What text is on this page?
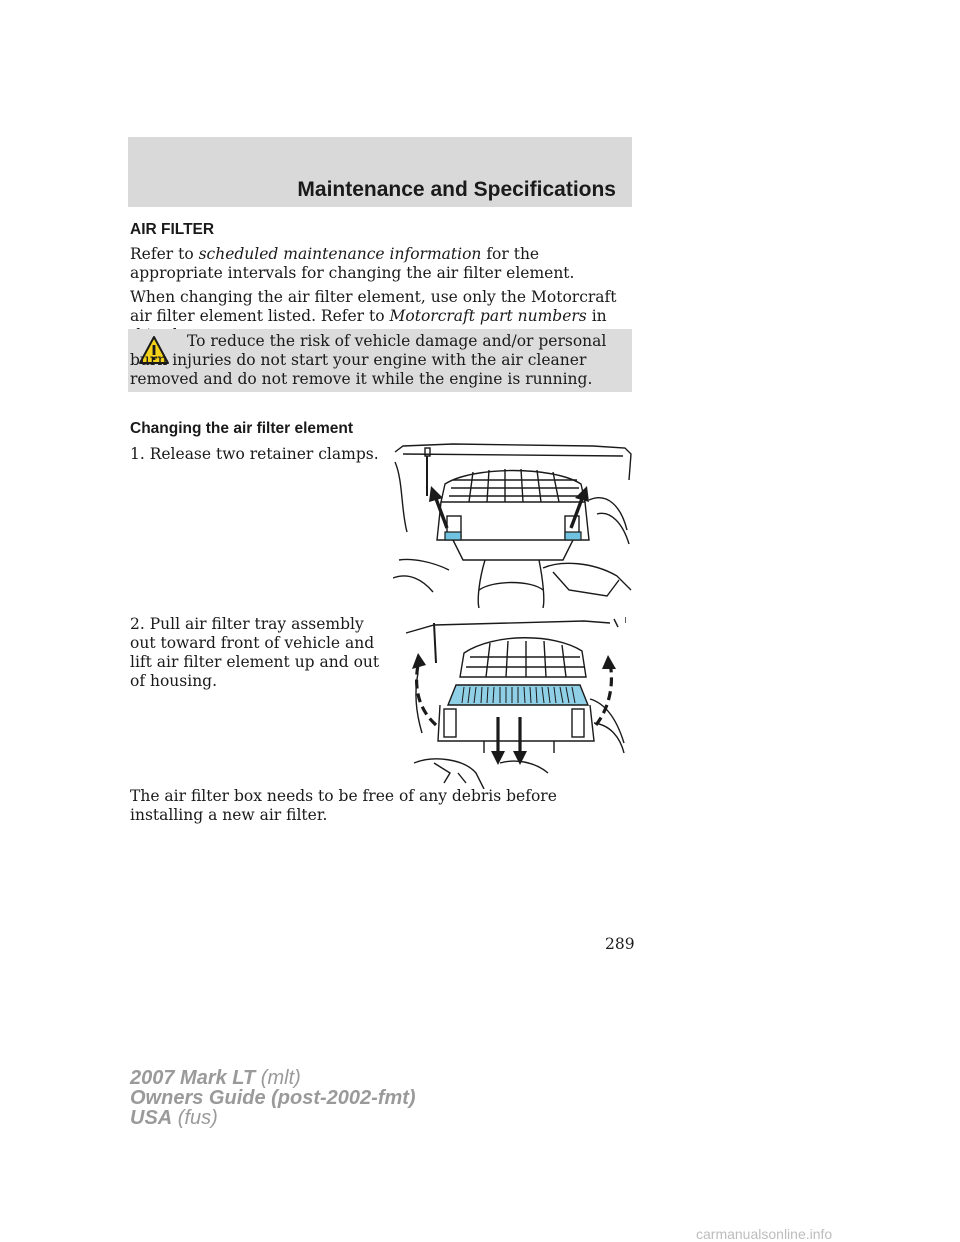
Maintenance and Specifications
AIR FILTER
Refer to scheduled maintenance information for the appropriate intervals for changing the air filter element.
When changing the air filter element, use only the Motorcraft air filter element listed. Refer to Motorcraft part numbers in
To reduce the risk of vehicle damage and/or personal burn injuries do not start your engine with the air cleaner removed and do not remove it while the engine is running.
Changing the air filter element
1. Release two retainer clamps.
2. Pull air filter tray assembly out toward front of vehicle and lift air filter element up and out of housing.
The air filter box needs to be free of any debris before installing a new air filter.
289
2007 Mark LT (mlt)
Owners Guide (post-2002-fmt)
USA (fus)
carmanualsonline.info
